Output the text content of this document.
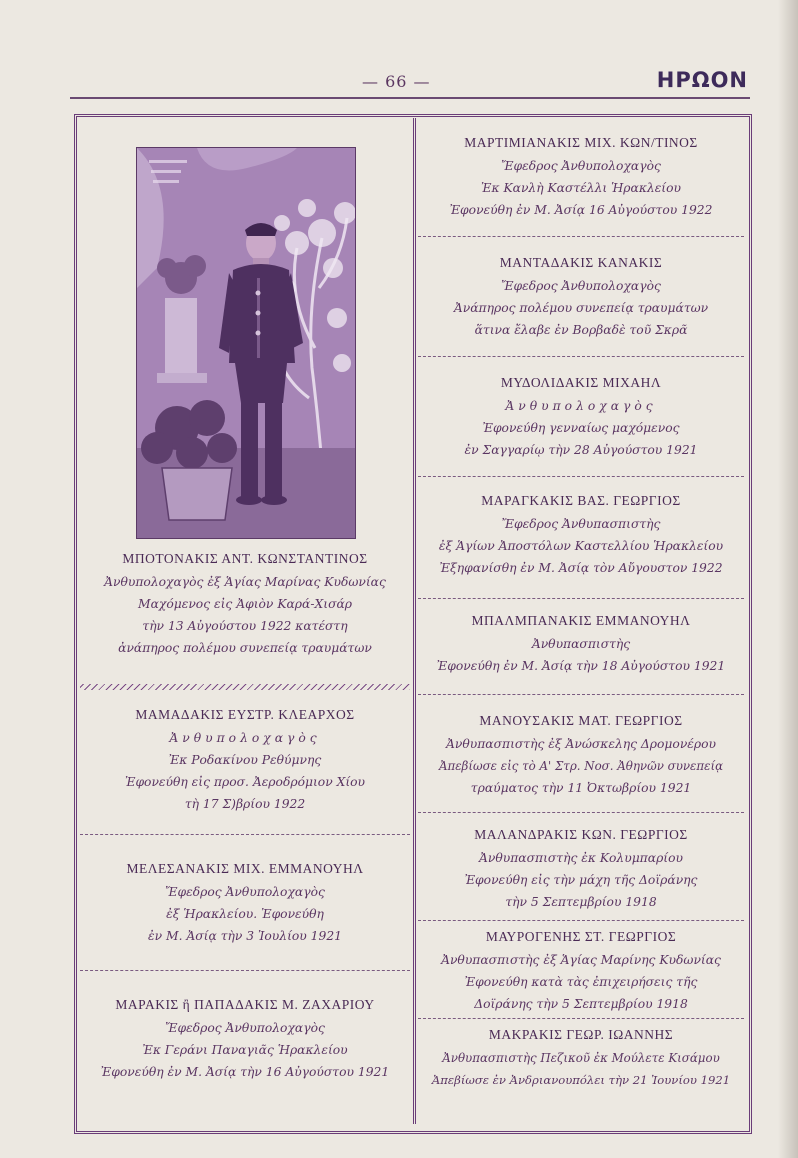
— 66 —	ΗΡΩΟΝ
ΜΠΟΤΟΝΑΚΙΣ ΑΝΤ. ΚΩΝΣΤΑΝΤΙΝΟΣ
Ἀνθυπολοχαγὸς ἐξ Ἁγίας Μαρίνας Κυδωνίας
Μαχόμενος εἰς Ἀφιὸν Καρά-Χισάρ
τὴν 13 Αὐγούστου 1922 κατέστη
ἀνάπηρος πολέμου συνεπείᾳ τραυμάτων
ΜΑΜΑΔΑΚΙΣ ΕΥΣΤΡ. ΚΛΕΑΡΧΟΣ
Ἀνθυπολοχαγὸς
Ἐκ Ροδακίνου Ρεθύμνης
Ἐφονεύθη εἰς προσ. Ἀεροδρόμιον Χίου
τὴ 17 Σ)βρίου 1922
ΜΕΛΕΣΑΝΑΚΙΣ ΜΙΧ. ΕΜΜΑΝΟΥΗΛ
Ἔφεδρος Ἀνθυπολοχαγὸς
ἐξ Ἡρακλείου. Ἐφονεύθη
ἐν Μ. Ἀσίᾳ τὴν 3 Ἰουλίου 1921
ΜΑΡΑΚΙΣ ἢ ΠΑΠΑΔΑΚΙΣ Μ. ΖΑΧΑΡΙΟΥ
Ἔφεδρος Ἀνθυπολοχαγὸς
Ἐκ Γεράνι Παναγιᾶς Ἡρακλείου
Ἐφονεύθη ἐν Μ. Ἀσίᾳ τὴν 16 Αὐγούστου 1921
ΜΑΡΤΙΜΙΑΝΑΚΙΣ ΜΙΧ. ΚΩΝ/ΤΙΝΟΣ
Ἔφεδρος Ἀνθυπολοχαγὸς
Ἐκ Κανλὴ Καστέλλι Ἡρακλείου
Ἐφονεύθη ἐν Μ. Ἀσίᾳ 16 Αὐγούστου 1922
ΜΑΝΤΑΔΑΚΙΣ ΚΑΝΑΚΙΣ
Ἔφεδρος Ἀνθυπολοχαγὸς
Ἀνάπηρος πολέμου συνεπείᾳ τραυμάτων
ἅτινα ἔλαβε ἐν Βορβαδὲ τοῦ Σκρᾶ
ΜΥΔΟΛΙΔΑΚΙΣ ΜΙΧΑΗΛ
Ἀνθυπολοχαγὸς
Ἐφονεύθη γενναίως μαχόμενος
ἐν Σαγγαρίῳ τὴν 28 Αὐγούστου 1921
ΜΑΡΑΓΚΑΚΙΣ ΒΑΣ. ΓΕΩΡΓΙΟΣ
Ἔφεδρος Ἀνθυπασπιστὴς
ἐξ Ἁγίων Ἀποστόλων Καστελλίου Ἡρακλείου
Ἐξηφανίσθη ἐν Μ. Ἀσίᾳ τὸν Αὔγουστον 1922
ΜΠΑΛΜΠΑΝΑΚΙΣ ΕΜΜΑΝΟΥΗΛ
Ἀνθυπασπιστὴς
Ἐφονεύθη ἐν Μ. Ἀσίᾳ τὴν 18 Αὐγούστου 1921
ΜΑΝΟΥΣΑΚΙΣ ΜΑΤ. ΓΕΩΡΓΙΟΣ
Ἀνθυπασπιστὴς ἐξ Ἀνώσκελης Δρομονέρου
Ἀπεβίωσε εἰς τὸ Α' Στρ. Νοσ. Ἀθηνῶν συνεπείᾳ
τραύματος τὴν 11 Ὀκτωβρίου 1921
ΜΑΛΑΝΔΡΑΚΙΣ ΚΩΝ. ΓΕΩΡΓΙΟΣ
Ἀνθυπασπιστὴς ἐκ Κολυμπαρίου
Ἐφονεύθη εἰς τὴν μάχη τῆς Δοϊράνης
τὴν 5 Σεπτεμβρίου 1918
ΜΑΥΡΟΓΕΝΗΣ ΣΤ. ΓΕΩΡΓΙΟΣ
Ἀνθυπασπιστὴς ἐξ Ἁγίας Μαρίνης Κυδωνίας
Ἐφονεύθη κατὰ τὰς ἐπιχειρήσεις τῆς
Δοϊράνης τὴν 5 Σεπτεμβρίου 1918
ΜΑΚΡΑΚΙΣ ΓΕΩΡ. ΙΩΑΝΝΗΣ
Ἀνθυπασπιστὴς Πεζικοῦ ἐκ Μούλετε Κισάμου
Ἀπεβίωσε ἐν Ἀνδριανουπόλει τὴν 21 Ἰουνίου 1921
